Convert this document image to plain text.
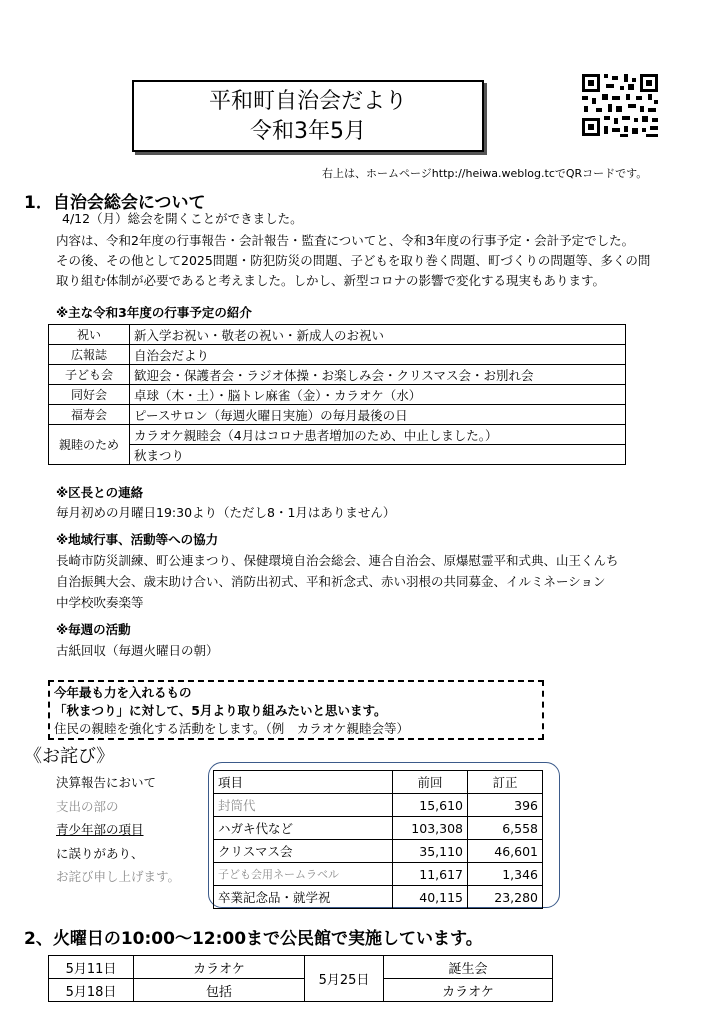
平和町自治会だより
令和3年5月
QR
右上は、ホームページhttp://heiwa.weblog.tcでQRコードです。
1．自治会総会について
4/12（月）総会を開くことができました。
内容は、令和2年度の行事報告・会計報告・監査についてと、令和3年度の行事予定・会計予定でした。
その後、その他として2025問題・防犯防災の問題、子どもを取り巻く問題、町づくりの問題等、多くの問
取り組む体制が必要であると考えました。しかし、新型コロナの影響で変化する現実もあります。
※主な令和3年度の行事予定の紹介
祝い	新入学お祝い・敬老の祝い・新成人のお祝い
広報誌	自治会だより
子ども会	歓迎会・保護者会・ラジオ体操・お楽しみ会・クリスマス会・お別れ会
同好会	卓球（木・土）・脳トレ麻雀（金）・カラオケ（水）
福寿会	ピースサロン（毎週火曜日実施）の毎月最後の日
親睦のため	カラオケ親睦会（4月はコロナ患者増加のため、中止しました。）
	秋まつり
※区長との連絡
毎月初めの月曜日19:30より（ただし8・1月はありません）
※地域行事、活動等への協力
長崎市防災訓練、町公連まつり、保健環境自治会総会、連合自治会、原爆慰霊平和式典、山王くんち
自治振興大会、歳末助け合い、消防出初式、平和祈念式、赤い羽根の共同募金、イルミネーション
中学校吹奏楽等
※毎週の活動
古紙回収（毎週火曜日の朝）
今年最も力を入れるもの
「秋まつり」に対して、5月より取り組みたいと思います。
住民の親睦を強化する活動をします。（例　カラオケ親睦会等）
《お詫び》
決算報告において
支出の部の
青少年部の項目
に誤りがあり、
お詫び申し上げます。
項目	前回	訂正
封筒代	15,610	396
ハガキ代など	103,308	6,558
クリスマス会	35,110	46,601
子ども会用ネームラベル	11,617	1,346
卒業記念品・就学祝	40,115	23,280
2、火曜日の10:00～12:00まで公民館で実施しています。
5月11日	カラオケ	5月25日	誕生会
5月18日	包括		カラオケ
